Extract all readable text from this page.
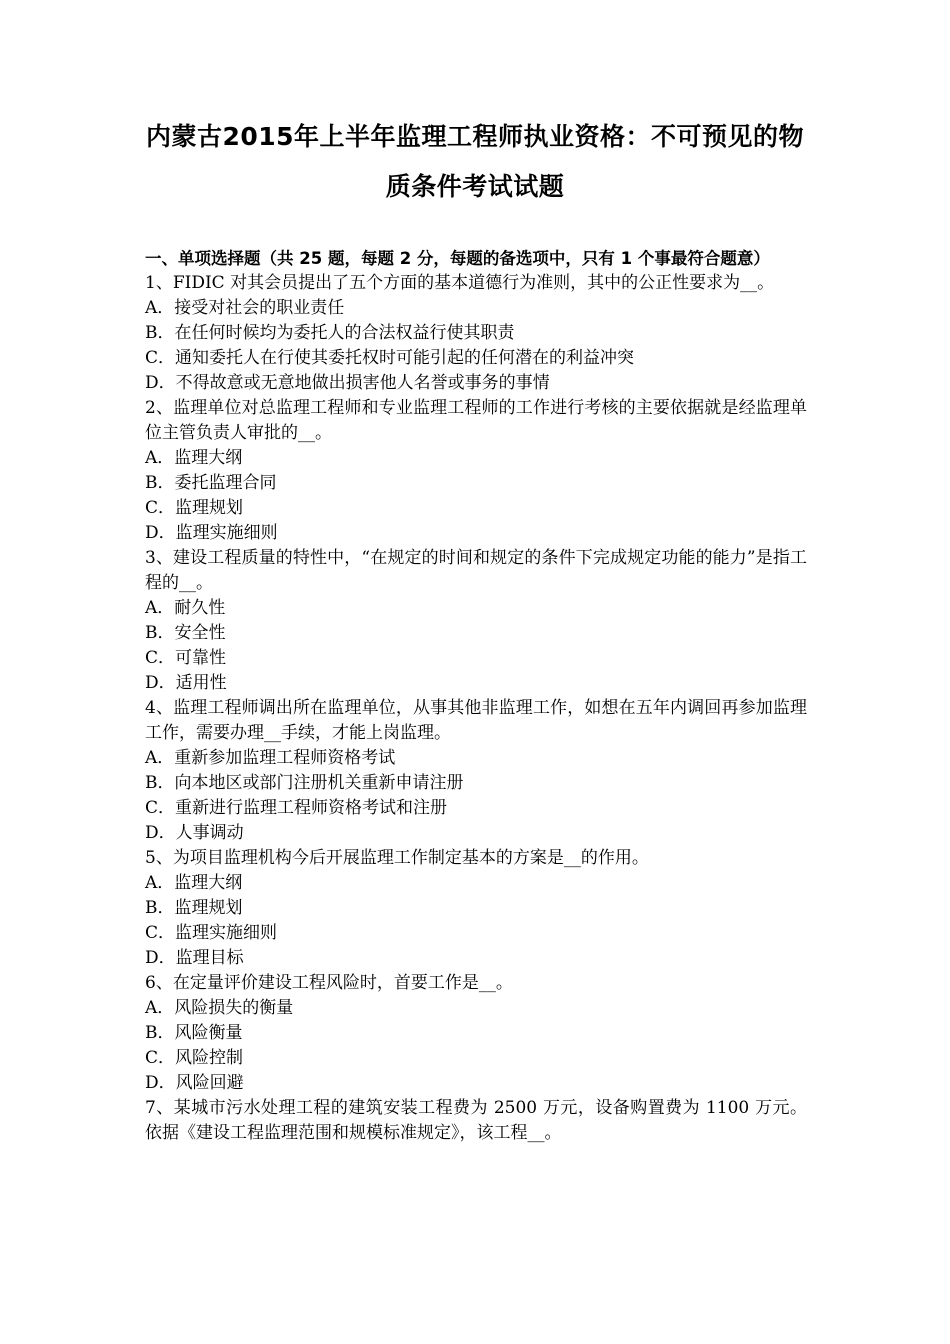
内蒙古2015年上半年监理工程师执业资格：不可预见的物
质条件考试试题
一、单项选择题（共 25 题，每题 2 分，每题的备选项中，只有 1 个事最符合题意）
1、FIDIC 对其会员提出了五个方面的基本道德行为准则，其中的公正性要求为__。
A．接受对社会的职业责任
B．在任何时候均为委托人的合法权益行使其职责
C．通知委托人在行使其委托权时可能引起的任何潜在的利益冲突
D．不得故意或无意地做出损害他人名誉或事务的事情
2、监理单位对总监理工程师和专业监理工程师的工作进行考核的主要依据就是经监理单位主管负责人审批的__。
A．监理大纲
B．委托监理合同
C．监理规划
D．监理实施细则
3、建设工程质量的特性中，“在规定的时间和规定的条件下完成规定功能的能力”是指工程的__。
A．耐久性
B．安全性
C．可靠性
D．适用性
4、监理工程师调出所在监理单位，从事其他非监理工作，如想在五年内调回再参加监理工作，需要办理__手续，才能上岗监理。
A．重新参加监理工程师资格考试
B．向本地区或部门注册机关重新申请注册
C．重新进行监理工程师资格考试和注册
D．人事调动
5、为项目监理机构今后开展监理工作制定基本的方案是__的作用。
A．监理大纲
B．监理规划
C．监理实施细则
D．监理目标
6、在定量评价建设工程风险时，首要工作是__。
A．风险损失的衡量
B．风险衡量
C．风险控制
D．风险回避
7、某城市污水处理工程的建筑安装工程费为 2500 万元，设备购置费为 1100 万元。依据《建设工程监理范围和规模标准规定》，该工程__。
